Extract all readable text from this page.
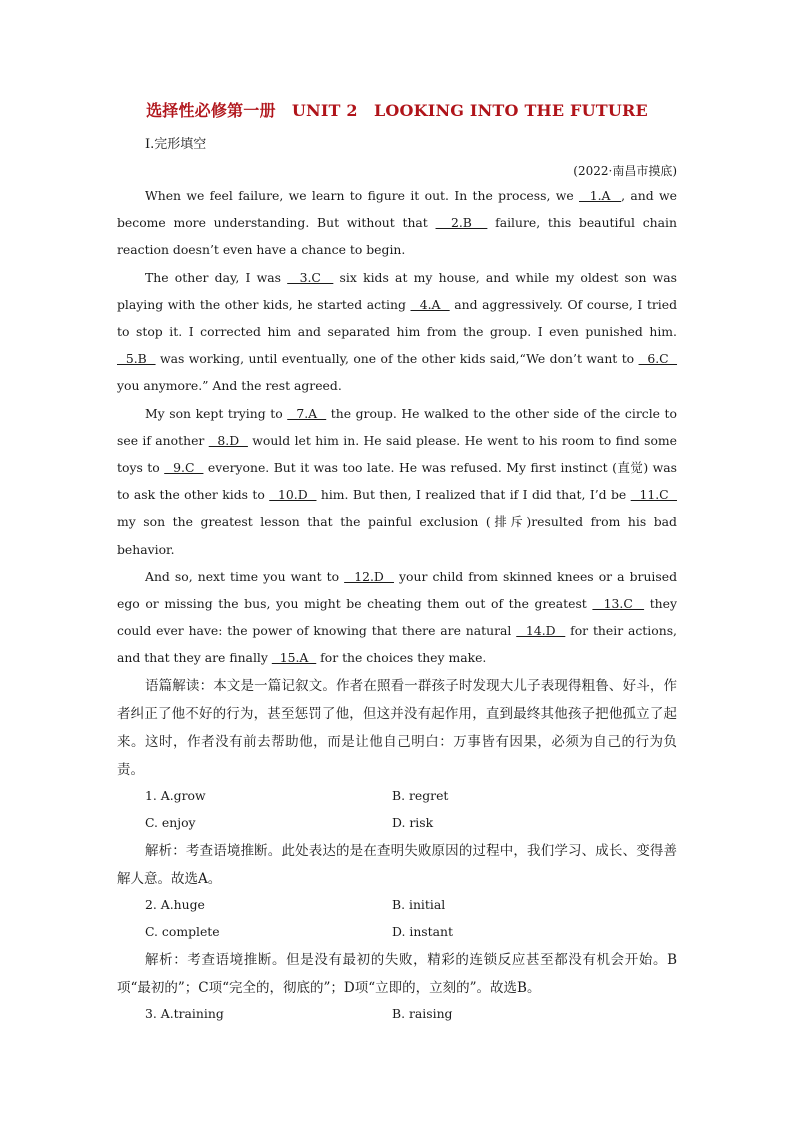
选择性必修第一册　UNIT 2　LOOKING INTO THE FUTURE
Ⅰ.完形填空
(2022·南昌市摸底)

When we feel failure, we learn to figure it out. In the process, we   1.A  , and we become more understanding. But without that   2.B   failure, this beautiful chain reaction doesn’t even have a chance to begin.

The other day, I was   3.C   six kids at my house, and while my oldest son was playing with the other kids, he started acting   4.A   and aggressively. Of course, I tried to stop it. I corrected him and separated him from the group. I even punished him.   5.B   was working, until eventually, one of the other kids said,“We don’t want to   6.C   you anymore.” And the rest agreed.

My son kept trying to   7.A   the group. He walked to the other side of the circle to see if another   8.D   would let him in. He said please. He went to his room to find some toys to   9.C   everyone. But it was too late. He was refused. My first instinct (直觉) was to ask the other kids to   10.D   him. But then, I realized that if I did that, I’d be   11.C   my son the greatest lesson that the painful exclusion (排斥)resulted from his bad behavior.

And so, next time you want to   12.D   your child from skinned knees or a bruised ego or missing the bus, you might be cheating them out of the greatest   13.C   they could ever have: the power of knowing that there are natural   14.D   for their actions, and that they are finally   15.A   for the choices they make.

语篇解读：本文是一篇记叙文。作者在照看一群孩子时发现大儿子表现得粗鲁、好斗，作者纠正了他不好的行为，甚至惩罚了他，但这并没有起作用，直到最终其他孩子把他孤立了起来。这时，作者没有前去帮助他，而是让他自己明白：万事皆有因果，必须为自己的行为负责。

1. A.grow	B. regret
C. enjoy	D. risk

解析：考查语境推断。此处表达的是在查明失败原因的过程中，我们学习、成长、变得善解人意。故选A。

2. A.huge	B. initial
C. complete	D. instant

解析：考查语境推断。但是没有最初的失败，精彩的连锁反应甚至都没有机会开始。B项“最初的”；C项“完全的，彻底的”；D项“立即的，立刻的”。故选B。

3. A.training	B. raising
